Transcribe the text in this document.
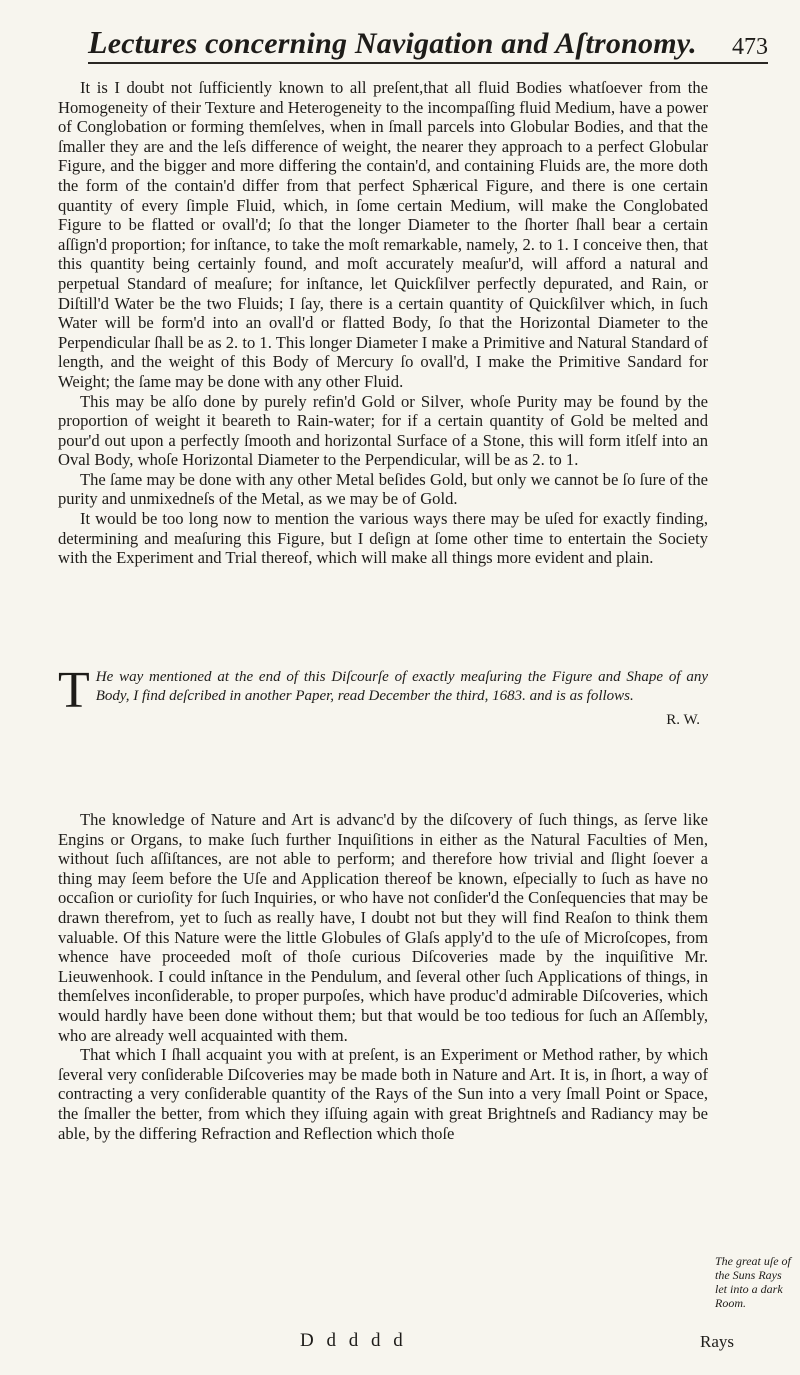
Lectures concerning Navigation and Aſtronomy. 473

It is I doubt not ſufficiently known to all preſent,that all fluid Bodies whatſoever from the Homogeneity of their Texture and Heterogeneity to the incompaſſing fluid Medium, have a power of Conglobation or forming themſelves, when in ſmall parcels into Globular Bodies, and that the ſmaller they are and the leſs difference of weight, the nearer they approach to a perfect Globular Figure, and the bigger and more differing the contain'd, and containing Fluids are, the more doth the form of the contain'd differ from that perfect Sphærical Figure, and there is one certain quantity of every ſimple Fluid, which, in ſome certain Medium, will make the Conglobated Figure to be flatted or ovall'd; ſo that the longer Diameter to the ſhorter ſhall bear a certain aſſign'd proportion; for inſtance, to take the moſt remarkable, namely, 2. to 1. I conceive then, that this quantity being certainly found, and moſt accurately meaſur'd, will afford a natural and perpetual Standard of meaſure; for inſtance, let Quickſilver perfectly depurated, and Rain, or Diſtill'd Water be the two Fluids; I ſay, there is a certain quantity of Quickſilver which, in ſuch Water will be form'd into an ovall'd or flatted Body, ſo that the Horizontal Diameter to the Perpendicular ſhall be as 2. to 1. This longer Diameter I make a Primitive and Natural Standard of length, and the weight of this Body of Mercury ſo ovall'd, I make the Primitive Sandard for Weight; the ſame may be done with any other Fluid.

This may be alſo done by purely refin'd Gold or Silver, whoſe Purity may be found by the proportion of weight it beareth to Rain-water; for if a certain quantity of Gold be melted and pour'd out upon a perfectly ſmooth and horizontal Surface of a Stone, this will form itſelf into an Oval Body, whoſe Horizontal Diameter to the Perpendicular, will be as 2. to 1.

The ſame may be done with any other Metal beſides Gold, but only we cannot be ſo ſure of the purity and unmixedneſs of the Metal, as we may be of Gold.

It would be too long now to mention the various ways there may be uſed for exactly finding, determining and meaſuring this Figure, but I deſign at ſome other time to entertain the Society with the Experiment and Trial thereof, which will make all things more evident and plain.

T He way mentioned at the end of this Diſcourſe of exactly meaſuring the Figure and Shape of any Body, I find deſcribed in another Paper, read December the third, 1683. and is as follows.

R. W.

The knowledge of Nature and Art is advanc'd by the diſcovery of ſuch things, as ſerve like Engins or Organs, to make ſuch further Inquiſitions in either as the Natural Faculties of Men, without ſuch aſſiſtances, are not able to perform; and therefore how trivial and ſlight ſoever a thing may ſeem before the Uſe and Application thereof be known, eſpecially to ſuch as have no occaſion or curioſity for ſuch Inquiries, or who have not conſider'd the Conſequencies that may be drawn therefrom, yet to ſuch as really have, I doubt not but they will find Reaſon to think them valuable. Of this Nature were the little Globules of Glaſs apply'd to the uſe of Microſcopes, from whence have proceeded moſt of thoſe curious Diſcoveries made by the inquiſitive Mr. Lieuwenhook. I could inſtance in the Pendulum, and ſeveral other ſuch Applications of things, in themſelves inconſiderable, to proper purpoſes, which have produc'd admirable Diſcoveries, which would hardly have been done without them; but that would be too tedious for ſuch an Aſſembly, who are already well acquainted with them.

That which I ſhall acquaint you with at preſent, is an Experiment or Method rather, by which ſeveral very conſiderable Diſcoveries may be made both in Nature and Art. It is, in ſhort, a way of contracting a very conſiderable quantity of the Rays of the Sun into a very ſmall Point or Space, the ſmaller the better, from which they iſſuing again with great Brightneſs and Radiancy may be able, by the differing Refraction and Reflection which thoſe

The great uſe of the Suns Rays let into a dark Room.
D d d d d	Rays
